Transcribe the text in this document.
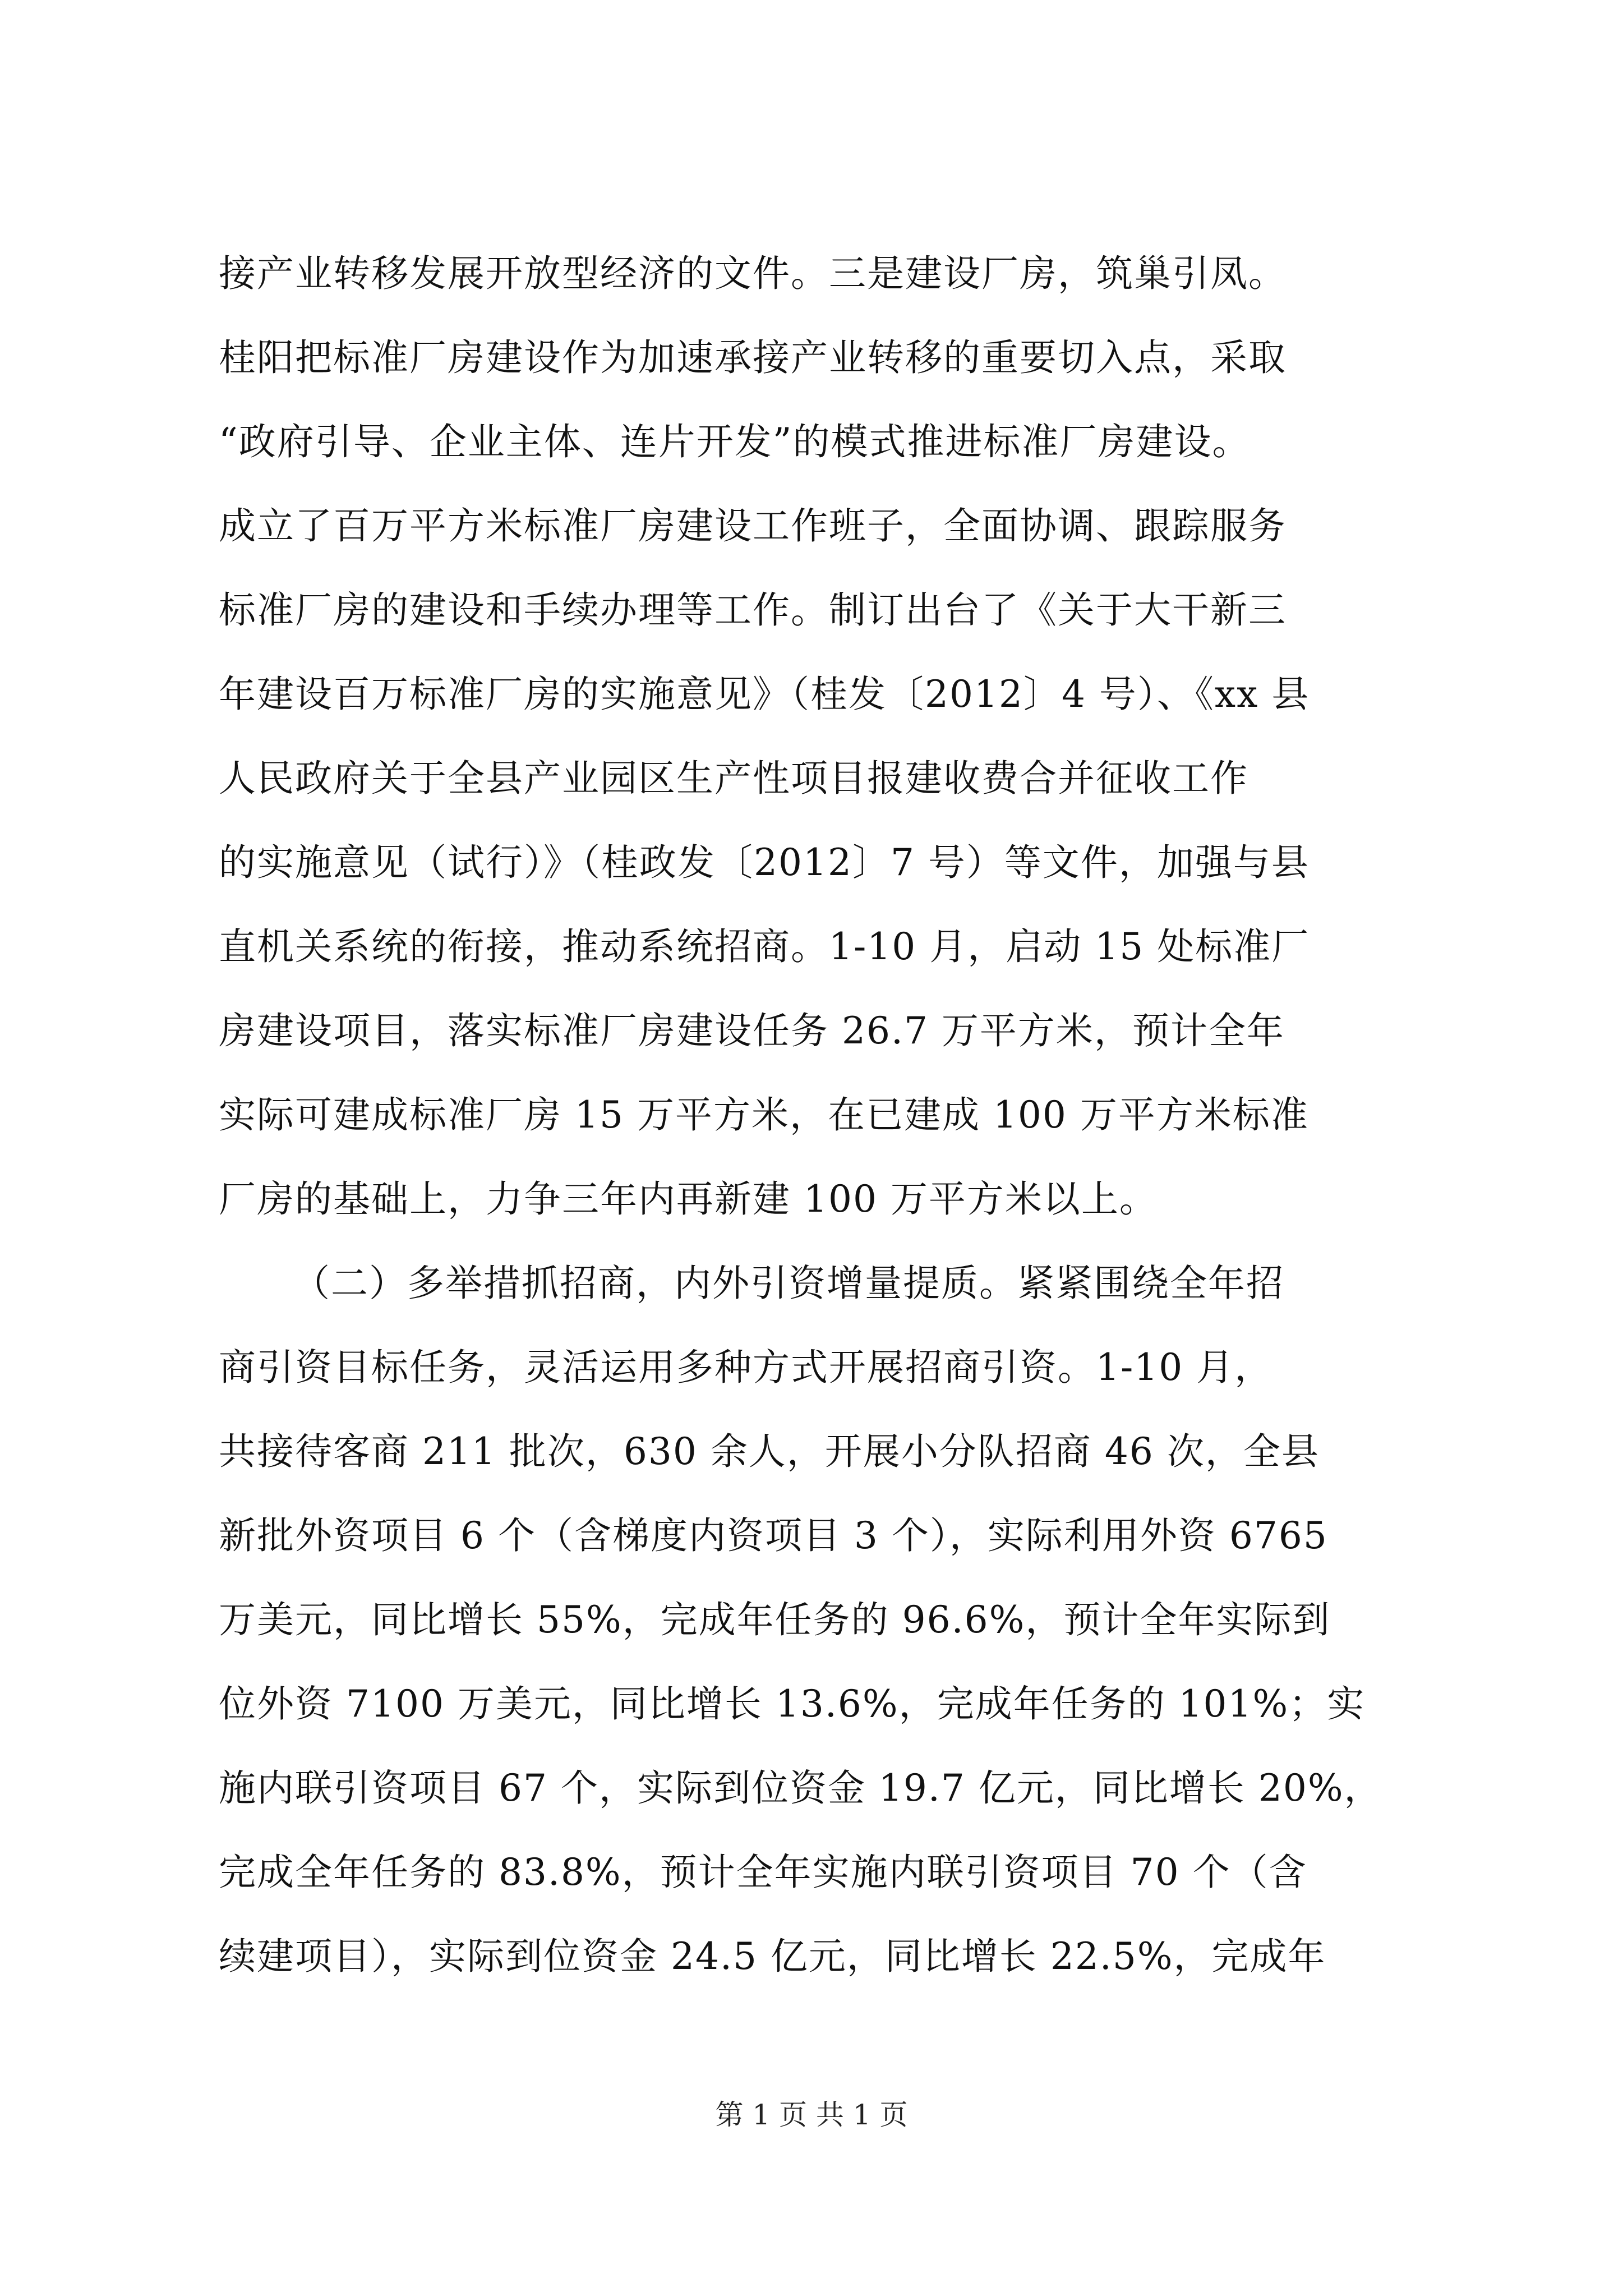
接产业转移发展开放型经济的文件。三是建设厂房，筑巢引凤。
桂阳把标准厂房建设作为加速承接产业转移的重要切入点，采取
“政府引导、企业主体、连片开发”的模式推进标准厂房建设。
成立了百万平方米标准厂房建设工作班子，全面协调、跟踪服务
标准厂房的建设和手续办理等工作。制订出台了《关于大干新三
年建设百万标准厂房的实施意见》（桂发〔2012〕4 号）、《xx 县
人民政府关于全县产业园区生产性项目报建收费合并征收工作
的实施意见（试行）》（桂政发〔2012〕7 号）等文件，加强与县
直机关系统的衔接，推动系统招商。1-10 月，启动 15 处标准厂
房建设项目，落实标准厂房建设任务 26.7 万平方米，预计全年
实际可建成标准厂房 15 万平方米，在已建成 100 万平方米标准
厂房的基础上，力争三年内再新建 100 万平方米以上。
（二）多举措抓招商，内外引资增量提质。紧紧围绕全年招
商引资目标任务，灵活运用多种方式开展招商引资。1-10 月，
共接待客商 211 批次，630 余人，开展小分队招商 46 次，全县
新批外资项目 6 个（含梯度内资项目 3 个），实际利用外资 6765
万美元，同比增长 55%，完成年任务的 96.6%，预计全年实际到
位外资 7100 万美元，同比增长 13.6%，完成年任务的 101%；实
施内联引资项目 67 个，实际到位资金 19.7 亿元，同比增长 20%，
完成全年任务的 83.8%，预计全年实施内联引资项目 70 个（含
续建项目），实际到位资金 24.5 亿元，同比增长 22.5%，完成年
第 1 页 共 1 页
